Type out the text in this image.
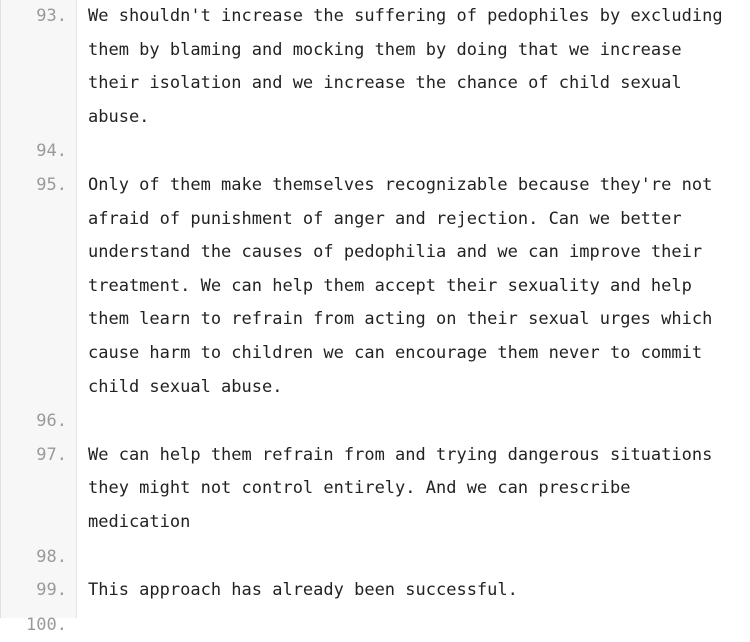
93. We shouldn't increase the suffering of pedophiles by excluding them by blaming and mocking them by doing that we increase their isolation and we increase the chance of child sexual abuse.
94.
95. Only of them make themselves recognizable because they're not afraid of punishment of anger and rejection. Can we better understand the causes of pedophilia and we can improve their treatment. We can help them accept their sexuality and help them learn to refrain from acting on their sexual urges which cause harm to children we can encourage them never to commit child sexual abuse.
96.
97. We can help them refrain from and trying dangerous situations they might not control entirely. And we can prescribe medication
98.
99. This approach has already been successful.
100.
